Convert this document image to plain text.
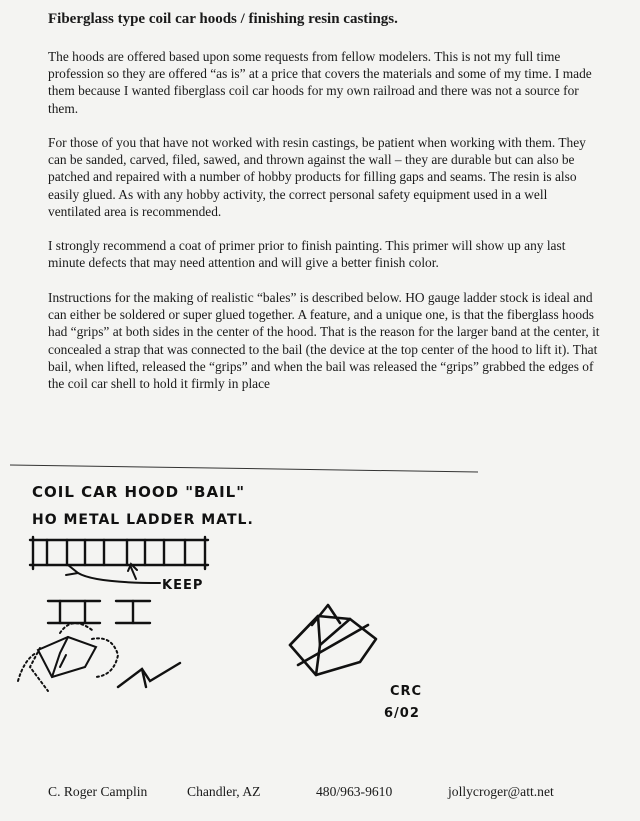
Fiberglass type coil car hoods / finishing resin castings.

The hoods are offered based upon some requests from fellow modelers. This is not my full time profession so they are offered “as is” at a price that covers the materials and some of my time. I made them because I wanted fiberglass coil car hoods for my own railroad and there was not a source for them.

For those of you that have not worked with resin castings, be patient when working with them. They can be sanded, carved, filed, sawed, and thrown against the wall – they are durable but can also be patched and repaired with a number of hobby products for filling gaps and seams. The resin is also easily glued. As with any hobby activity, the correct personal safety equipment used in a well ventilated area is recommended.

I strongly recommend a coat of primer prior to finish painting. This primer will show up any last minute defects that may need attention and will give a better finish color.

Instructions for the making of realistic “bales” is described below. HO gauge ladder stock is ideal and can either be soldered or super glued together. A feature, and a unique one, is that the fiberglass hoods had “grips” at both sides in the center of the hood. That is the reason for the larger band at the center, it concealed a strap that was connected to the bail (the device at the top center of the hood to lift it). That bail, when lifted, released the “grips” and when the bail was released the “grips” grabbed the edges of the coil car shell to hold it firmly in place

COIL CAR HOOD "BAIL"
HO METAL LADDER MATL.
KEEP
CRC
6/02
C. Roger Camplin	Chandler, AZ	480/963-9610	jollycroger@att.net
